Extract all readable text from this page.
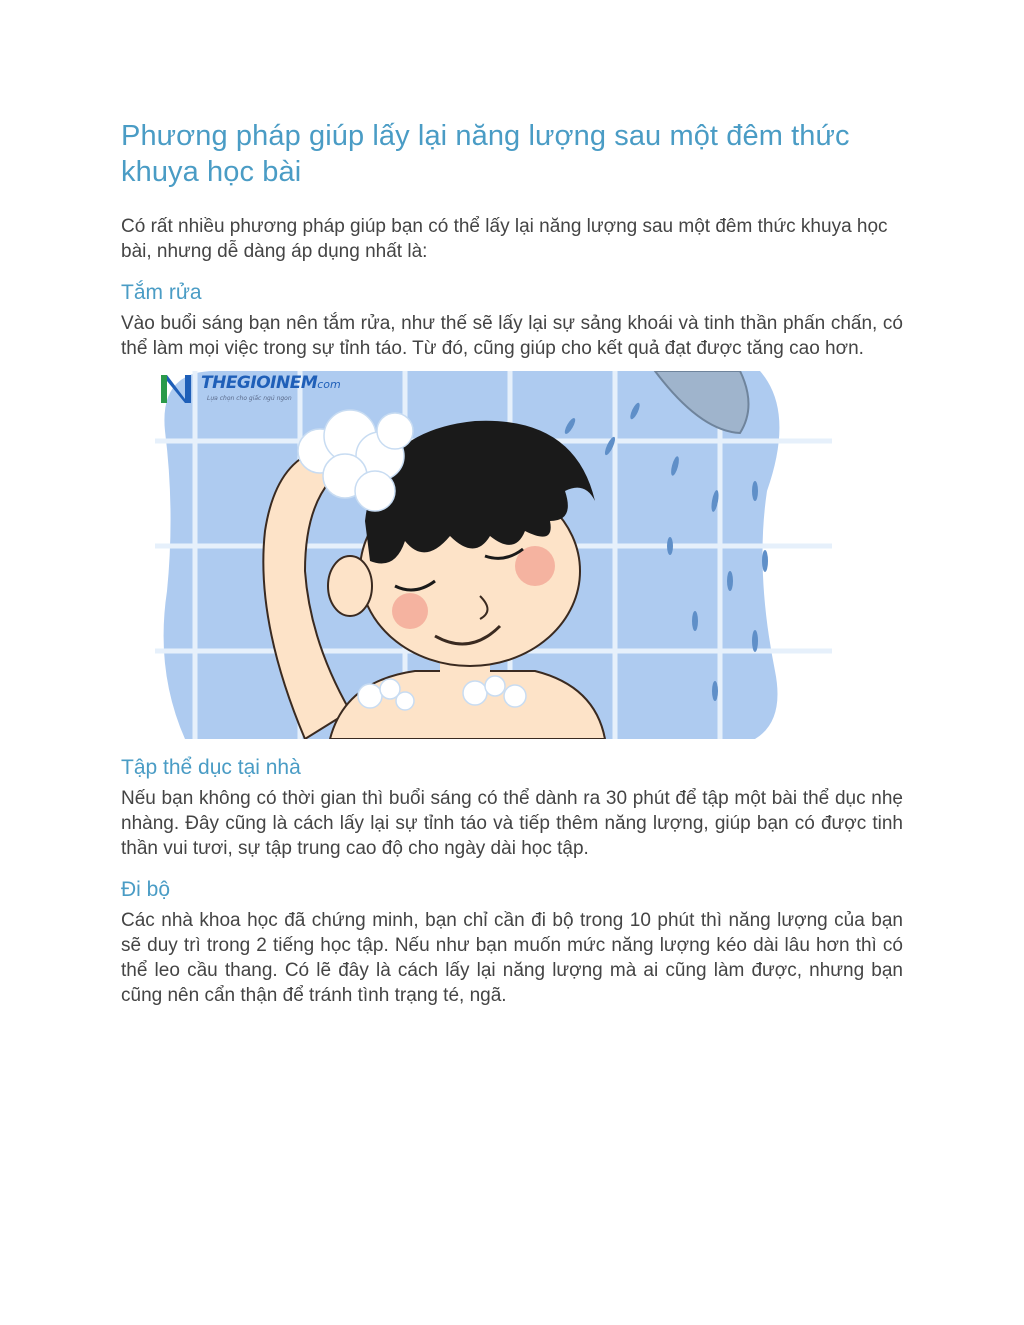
Phương pháp giúp lấy lại năng lượng sau một đêm thức khuya học bài

Có rất nhiều phương pháp giúp bạn có thể lấy lại năng lượng sau một đêm thức khuya học bài, nhưng dễ dàng áp dụng nhất là:

Tắm rửa

Vào buổi sáng bạn nên tắm rửa, như thế sẽ lấy lại sự sảng khoái và tinh thần phấn chấn, có thể làm mọi việc trong sự tỉnh táo. Từ đó, cũng giúp cho kết quả đạt được tăng cao hơn.

THEGIOINEMcom
Lựa chọn cho giấc ngủ ngon
Tập thể dục tại nhà

Nếu bạn không có thời gian thì buổi sáng có thể dành ra 30 phút để tập một bài thể dục nhẹ nhàng. Đây cũng là cách lấy lại sự tỉnh táo và tiếp thêm năng lượng, giúp bạn có được tinh thần vui tươi, sự tập trung cao độ cho ngày dài học tập.

Đi bộ

Các nhà khoa học đã chứng minh, bạn chỉ cần đi bộ trong 10 phút thì năng lượng của bạn sẽ duy trì trong 2 tiếng học tập. Nếu như bạn muốn mức năng lượng kéo dài lâu hơn thì có thể leo cầu thang. Có lẽ đây là cách lấy lại năng lượng mà ai cũng làm được, nhưng bạn cũng nên cẩn thận để tránh tình trạng té, ngã.
